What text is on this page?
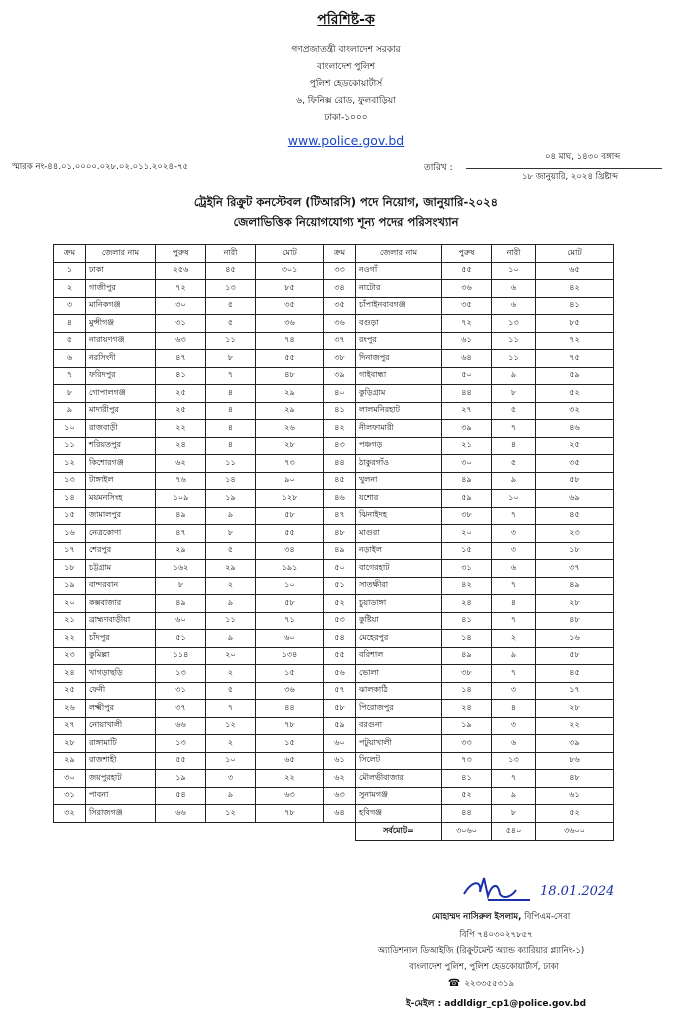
পরিশিষ্ট-ক
গণপ্রজাতন্ত্রী বাংলাদেশ সরকার
বাংলাদেশ পুলিশ
পুলিশ হেডকোয়ার্টার্স
৬, ফিনিক্স রোড, ফুলবাড়িয়া
ঢাকা-১০০০
www.police.gov.bd
স্মারক নং-৪৪.০১.০০০০.০২৮.০২.০১১.২০২৪-৭৫	তারিখ :
০৪ মাঘ, ১৪৩০ বঙ্গাব্দ
১৮ জানুয়ারি, ২০২৪ খ্রিষ্টাব্দ
ট্রেইনি রিক্রুট কনস্টেবল (টিআরসি) পদে নিয়োগ, জানুয়ারি-২০২৪
জেলাভিত্তিক নিয়োগযোগ্য শূন্য পদের পরিসংখ্যান
ক্রম	জেলার নাম	পুরুষ	নারী	মোট	ক্রম	জেলার নাম	পুরুষ	নারী	মোট
১	ঢাকা	২৫৬	৪৫	৩০১	৩৩	নওগাঁ	৫৫	১০	৬৫
২	গাজীপুর	৭২	১৩	৮৫	৩৪	নাটোর	৩৬	৬	৪২
৩	মানিকগঞ্জ	৩০	৫	৩৫	৩৫	চাঁপাইনবাবগঞ্জ	৩৫	৬	৪১
৪	মুন্সীগঞ্জ	৩১	৫	৩৬	৩৬	বগুড়া	৭২	১৩	৮৫
৫	নারায়ণগঞ্জ	৬৩	১১	৭৪	৩৭	রংপুর	৬১	১১	৭২
৬	নরসিংদী	৪৭	৮	৫৫	৩৮	দিনাজপুর	৬৪	১১	৭৫
৭	ফরিদপুর	৪১	৭	৪৮	৩৯	গাইবান্ধা	৫০	৯	৫৯
৮	গোপালগঞ্জ	২৫	৪	২৯	৪০	কুড়িগ্রাম	৪৪	৮	৫২
৯	মাদারীপুর	২৫	৪	২৯	৪১	লালমনিরহাট	২৭	৫	৩২
১০	রাজবাড়ী	২২	৪	২৬	৪২	নীলফামারী	৩৯	৭	৪৬
১১	শরিয়তপুর	২৪	৪	২৮	৪৩	পঞ্চগড়	২১	৪	২৫
১২	কিশোরগঞ্জ	৬২	১১	৭৩	৪৪	ঠাকুরগাঁও	৩০	৫	৩৫
১৩	টাঙ্গাইল	৭৬	১৪	৯০	৪৫	খুলনা	৪৯	৯	৫৮
১৪	ময়মনসিংহ	১০৯	১৯	১২৮	৪৬	যশোর	৫৯	১০	৬৯
১৫	জামালপুর	৪৯	৯	৫৮	৪৭	ঝিনাইদহ	৩৮	৭	৪৫
১৬	নেত্রকোণা	৪৭	৮	৫৫	৪৮	মাগুরা	২০	৩	২৩
১৭	শেরপুর	২৯	৫	৩৪	৪৯	নড়াইল	১৫	৩	১৮
১৮	চট্টগ্রাম	১৬২	২৯	১৯১	৫০	বাগেরহাট	৩১	৬	৩৭
১৯	বান্দরবান	৮	২	১০	৫১	সাতক্ষীরা	৪২	৭	৪৯
২০	কক্সবাজার	৪৯	৯	৫৮	৫২	চুয়াডাঙ্গা	২৪	৪	২৮
২১	ব্রাহ্মণবাড়ীয়া	৬০	১১	৭১	৫৩	কুষ্টিয়া	৪১	৭	৪৮
২২	চাঁদপুর	৫১	৯	৬০	৫৪	মেহেরপুর	১৪	২	১৬
২৩	কুমিল্লা	১১৪	২০	১৩৪	৫৫	বরিশাল	৪৯	৯	৫৮
২৪	খাগড়াছড়ি	১৩	২	১৫	৫৬	ভোলা	৩৮	৭	৪৫
২৫	ফেনী	৩১	৫	৩৬	৫৭	ঝালকাঠি	১৪	৩	১৭
২৬	লক্ষ্মীপুর	৩৭	৭	৪৪	৫৮	পিরোজপুর	২৪	৪	২৮
২৭	নোয়াখালী	৬৬	১২	৭৮	৫৯	বরগুনা	১৯	৩	২২
২৮	রাঙ্গামাটি	১৩	২	১৫	৬০	পটুয়াখালী	৩৩	৬	৩৯
২৯	রাজশাহী	৫৫	১০	৬৫	৬১	সিলেট	৭৩	১৩	৮৬
৩০	জয়পুরহাট	১৯	৩	২২	৬২	মৌলভীবাজার	৪১	৭	৪৮
৩১	পাবনা	৫৪	৯	৬৩	৬৩	সুনামগঞ্জ	৫২	৯	৬১
৩২	সিরাজগঞ্জ	৬৬	১২	৭৮	৬৪	হবিগঞ্জ	৪৪	৮	৫২
						সর্বমোট=	৩০৬০	৫৪০	৩৬০০
18.01.2024
মোহাম্মদ নাসিরুল ইসলাম, বিপিএম-সেবা
বিপি ৭৪০৩০২৭৮৫৭
অ্যাডিশনাল ডিআইজি (রিক্রুটমেন্ট অ্যান্ড ক্যারিয়ার প্ল্যানিং-১)
বাংলাদেশ পুলিশ, পুলিশ হেডকোয়ার্টার্স, ঢাকা
☎ ২২৩৩৫৫৩১৯
ই-মেইল : addldigr_cp1@police.gov.bd
